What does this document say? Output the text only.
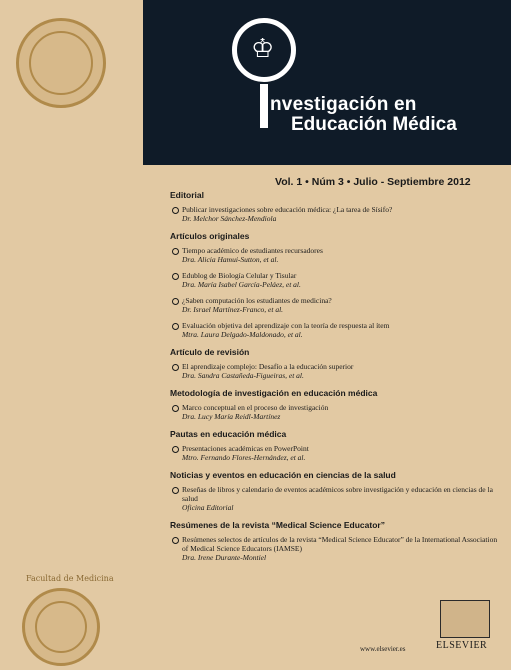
♔
nvestigación en
Educación Médica
Vol. 1 • Núm 3 • Julio - Septiembre 2012
Editorial
Publicar investigaciones sobre educación médica: ¿La tarea de Sísifo?
Dr. Melchor Sánchez-Mendiola
Artículos originales
Tiempo académico de estudiantes recursadores
Dra. Alicia Hamui-Sutton, et al.
Edublog de Biología Celular y Tisular
Dra. María Isabel García-Peláez, et al.
¿Saben computación los estudiantes de medicina?
Dr. Israel Martínez-Franco, et al.
Evaluación objetiva del aprendizaje con la teoría de respuesta al ítem
Mtra. Laura Delgado-Maldonado, et al.
Artículo de revisión
El aprendizaje complejo: Desafío a la educación superior
Dra. Sandra Castañeda-Figueiras, et al.
Metodología de investigación en educación médica
Marco conceptual en el proceso de investigación
Dra. Lucy María Reidl-Martínez
Pautas en educación médica
Presentaciones académicas en PowerPoint
Mtro. Fernando Flores-Hernández, et al.
Noticias y eventos en educación en ciencias de la salud
Reseñas de libros y calendario de eventos académicos sobre investigación y educación en ciencias de la salud
Oficina Editorial
Resúmenes de la revista “Medical Science Educator”
Resúmenes selectos de artículos de la revista “Medical Science Educator” de la International Association of Medical Science Educators (IAMSE)
Dra. Irene Durante-Montiel
Facultad de Medicina
www.elsevier.es	ELSEVIER
